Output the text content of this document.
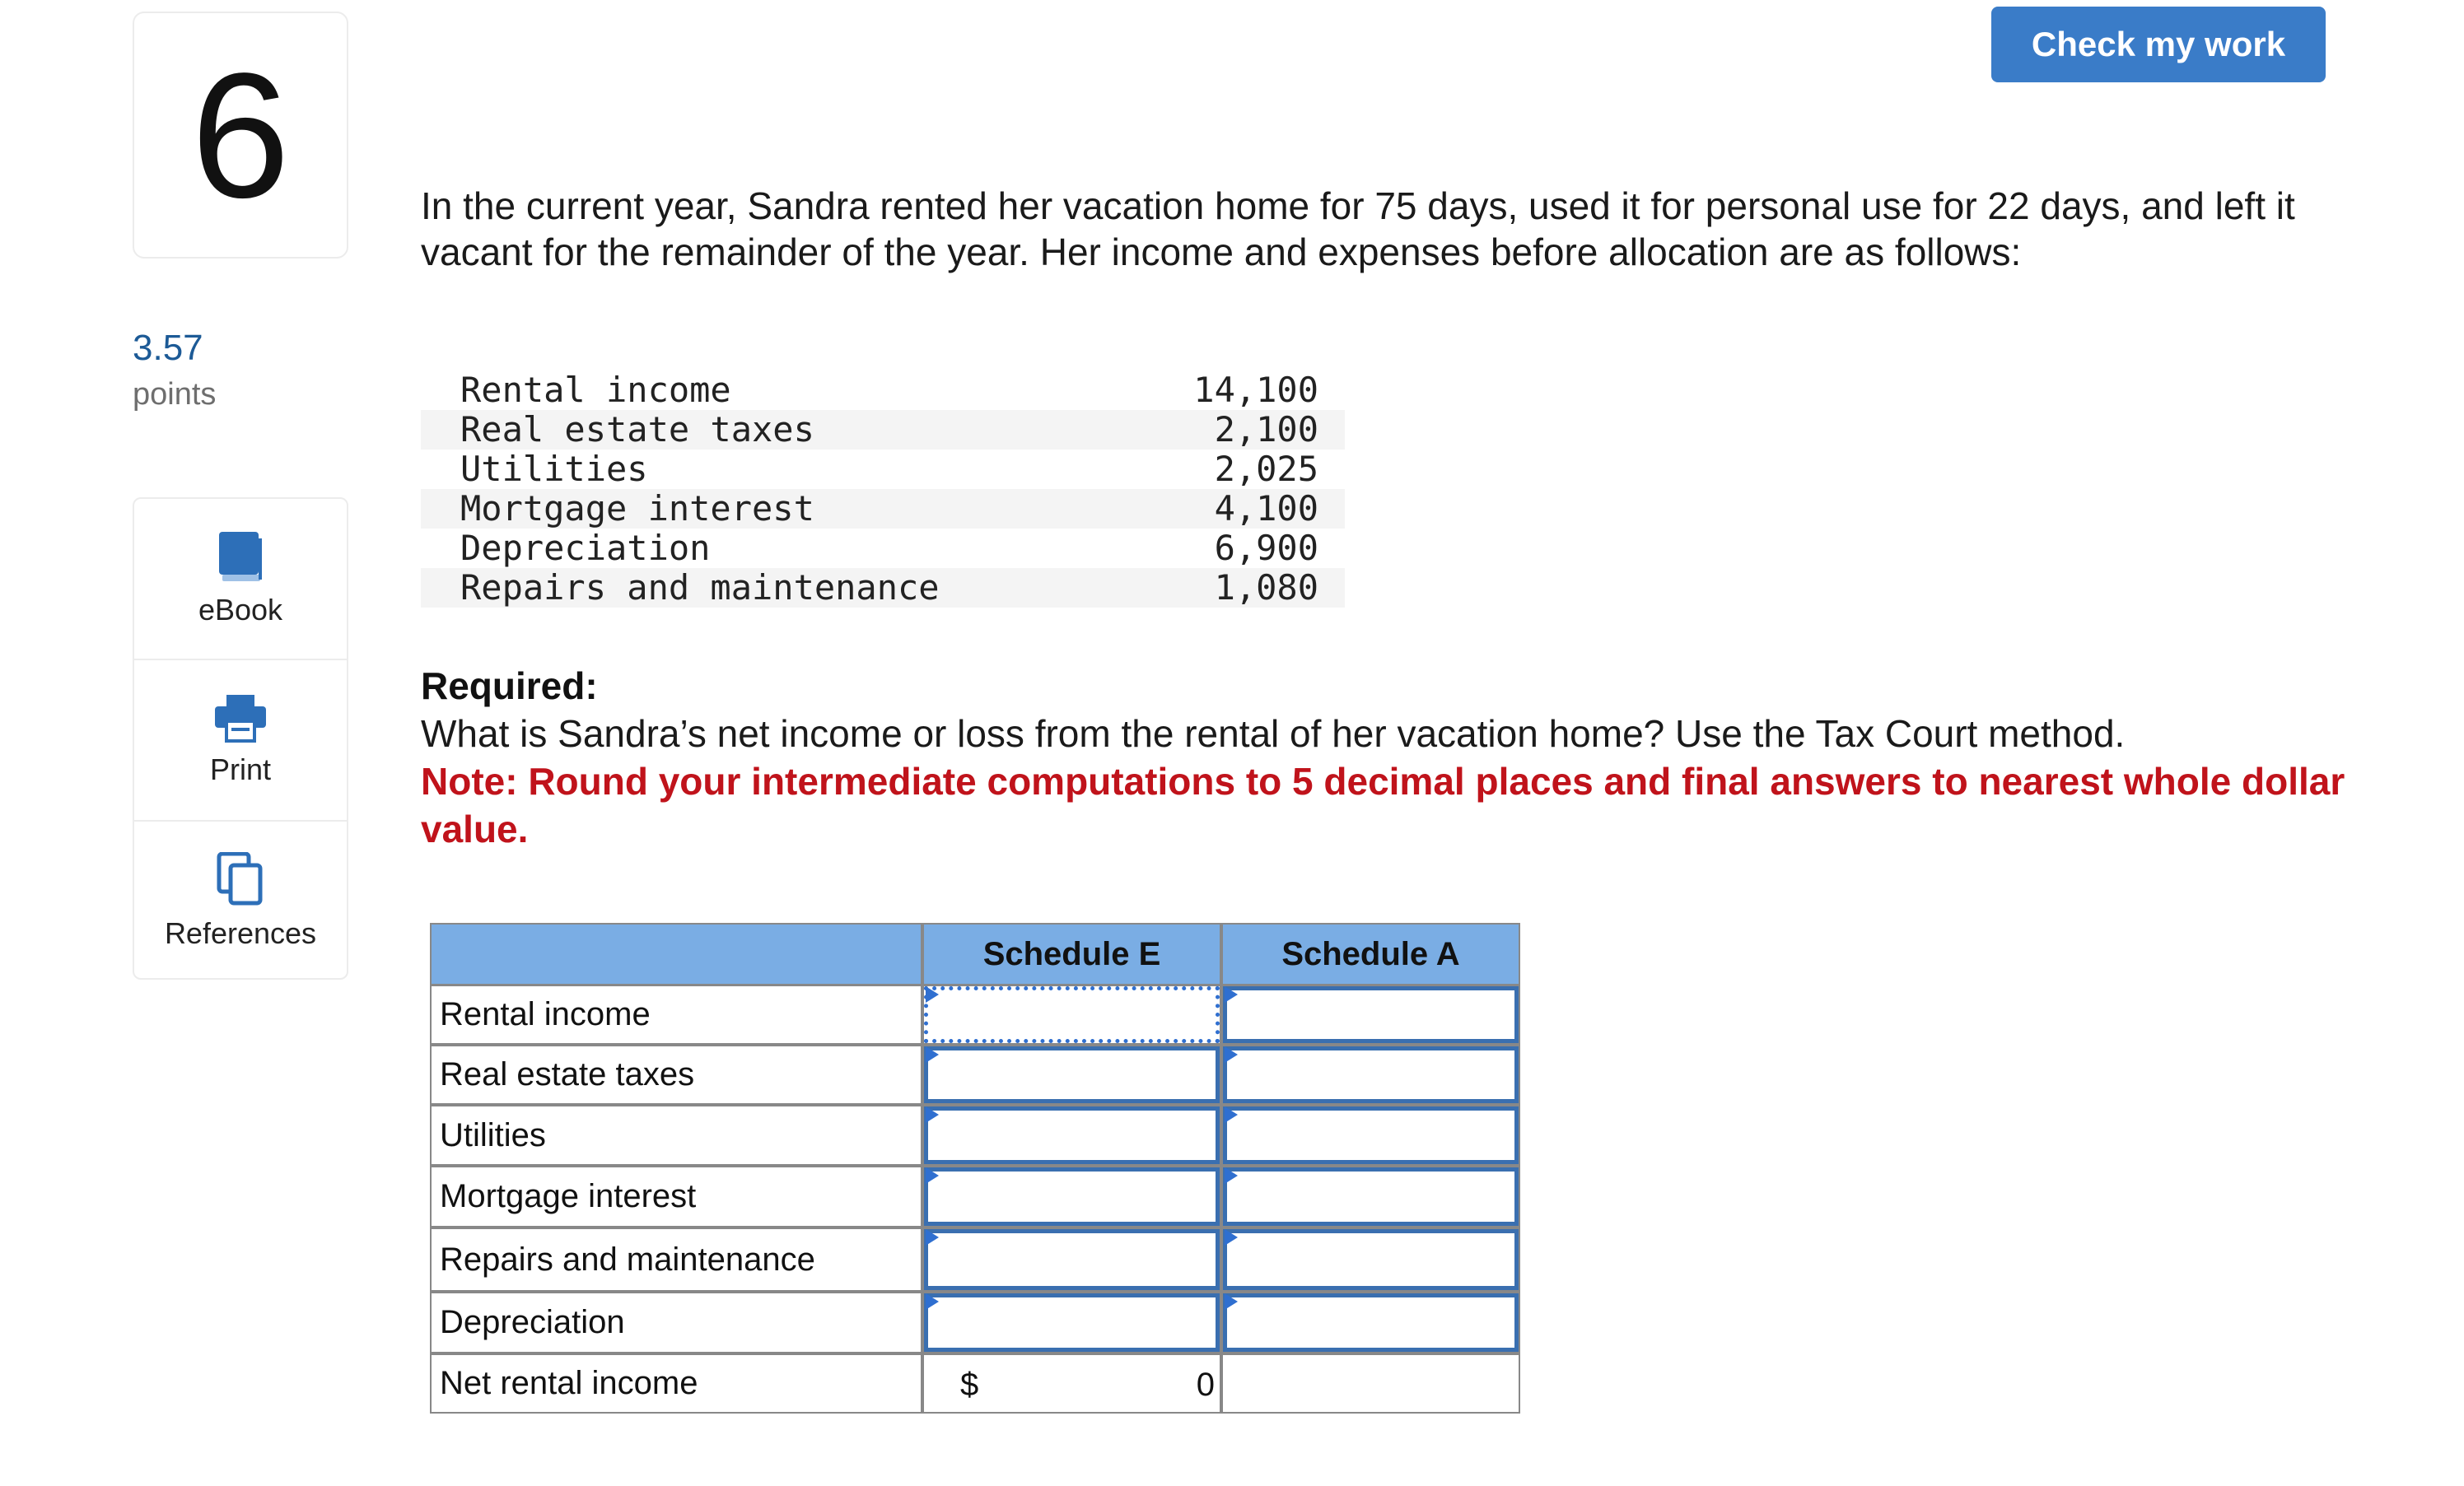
6
3.57
points
eBook
Print
References
Check my work
In the current year, Sandra rented her vacation home for 75 days, used it for personal use for 22 days, and left it vacant for the remainder of the year. Her income and expenses before allocation are as follows:
Rental income	14,100
Real estate taxes	2,100
Utilities	2,025
Mortgage interest	4,100
Depreciation	6,900
Repairs and maintenance	1,080
Required:
What is Sandra’s net income or loss from the rental of her vacation home? Use the Tax Court method.
Note: Round your intermediate computations to 5 decimal places and final answers to nearest whole dollar value.
Schedule E	Schedule A
Rental income
Real estate taxes
Utilities
Mortgage interest
Repairs and maintenance
Depreciation
Net rental income	$	0
